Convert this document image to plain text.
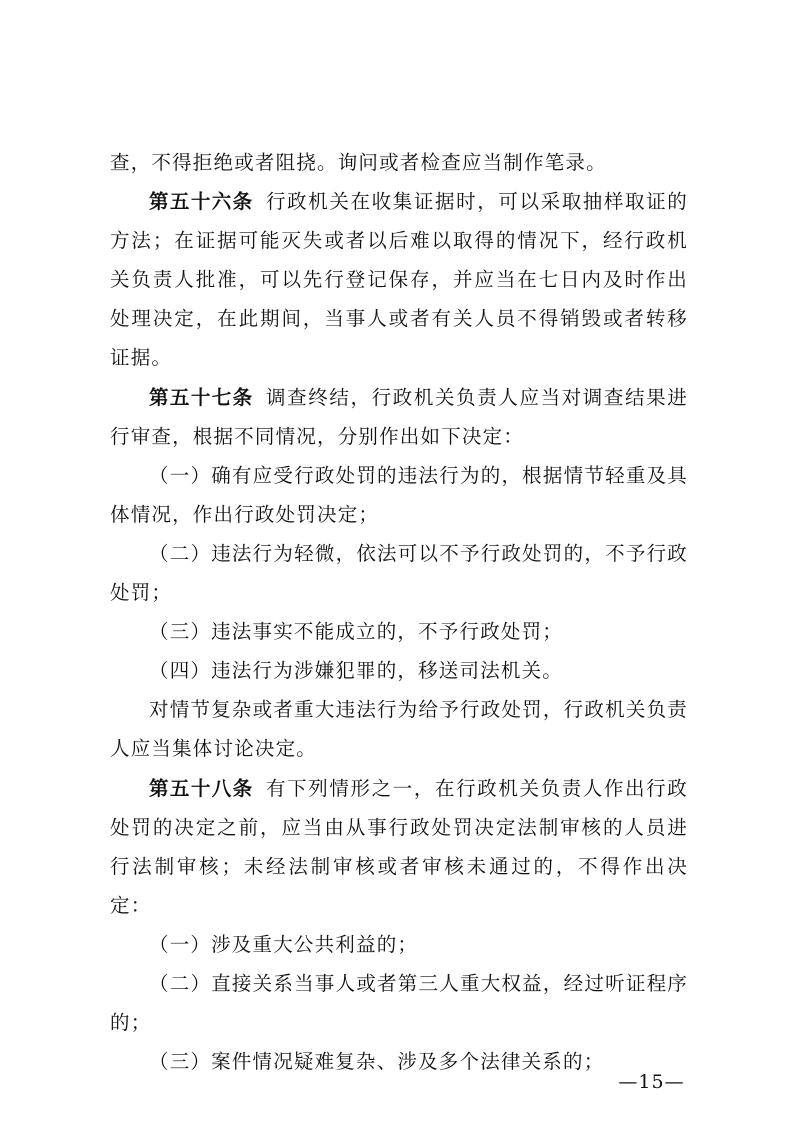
查，不得拒绝或者阻挠。询问或者检查应当制作笔录。

第五十六条 行政机关在收集证据时，可以采取抽样取证的方法；在证据可能灭失或者以后难以取得的情况下，经行政机关负责人批准，可以先行登记保存，并应当在七日内及时作出处理决定，在此期间，当事人或者有关人员不得销毁或者转移证据。

第五十七条 调查终结，行政机关负责人应当对调查结果进行审查，根据不同情况，分别作出如下决定：

（一）确有应受行政处罚的违法行为的，根据情节轻重及具体情况，作出行政处罚决定；

（二）违法行为轻微，依法可以不予行政处罚的，不予行政处罚；

（三）违法事实不能成立的，不予行政处罚；

（四）违法行为涉嫌犯罪的，移送司法机关。

对情节复杂或者重大违法行为给予行政处罚，行政机关负责人应当集体讨论决定。

第五十八条 有下列情形之一，在行政机关负责人作出行政处罚的决定之前，应当由从事行政处罚决定法制审核的人员进行法制审核；未经法制审核或者审核未通过的，不得作出决定：

（一）涉及重大公共利益的；

（二）直接关系当事人或者第三人重大权益，经过听证程序的；

（三）案件情况疑难复杂、涉及多个法律关系的；

—15—
